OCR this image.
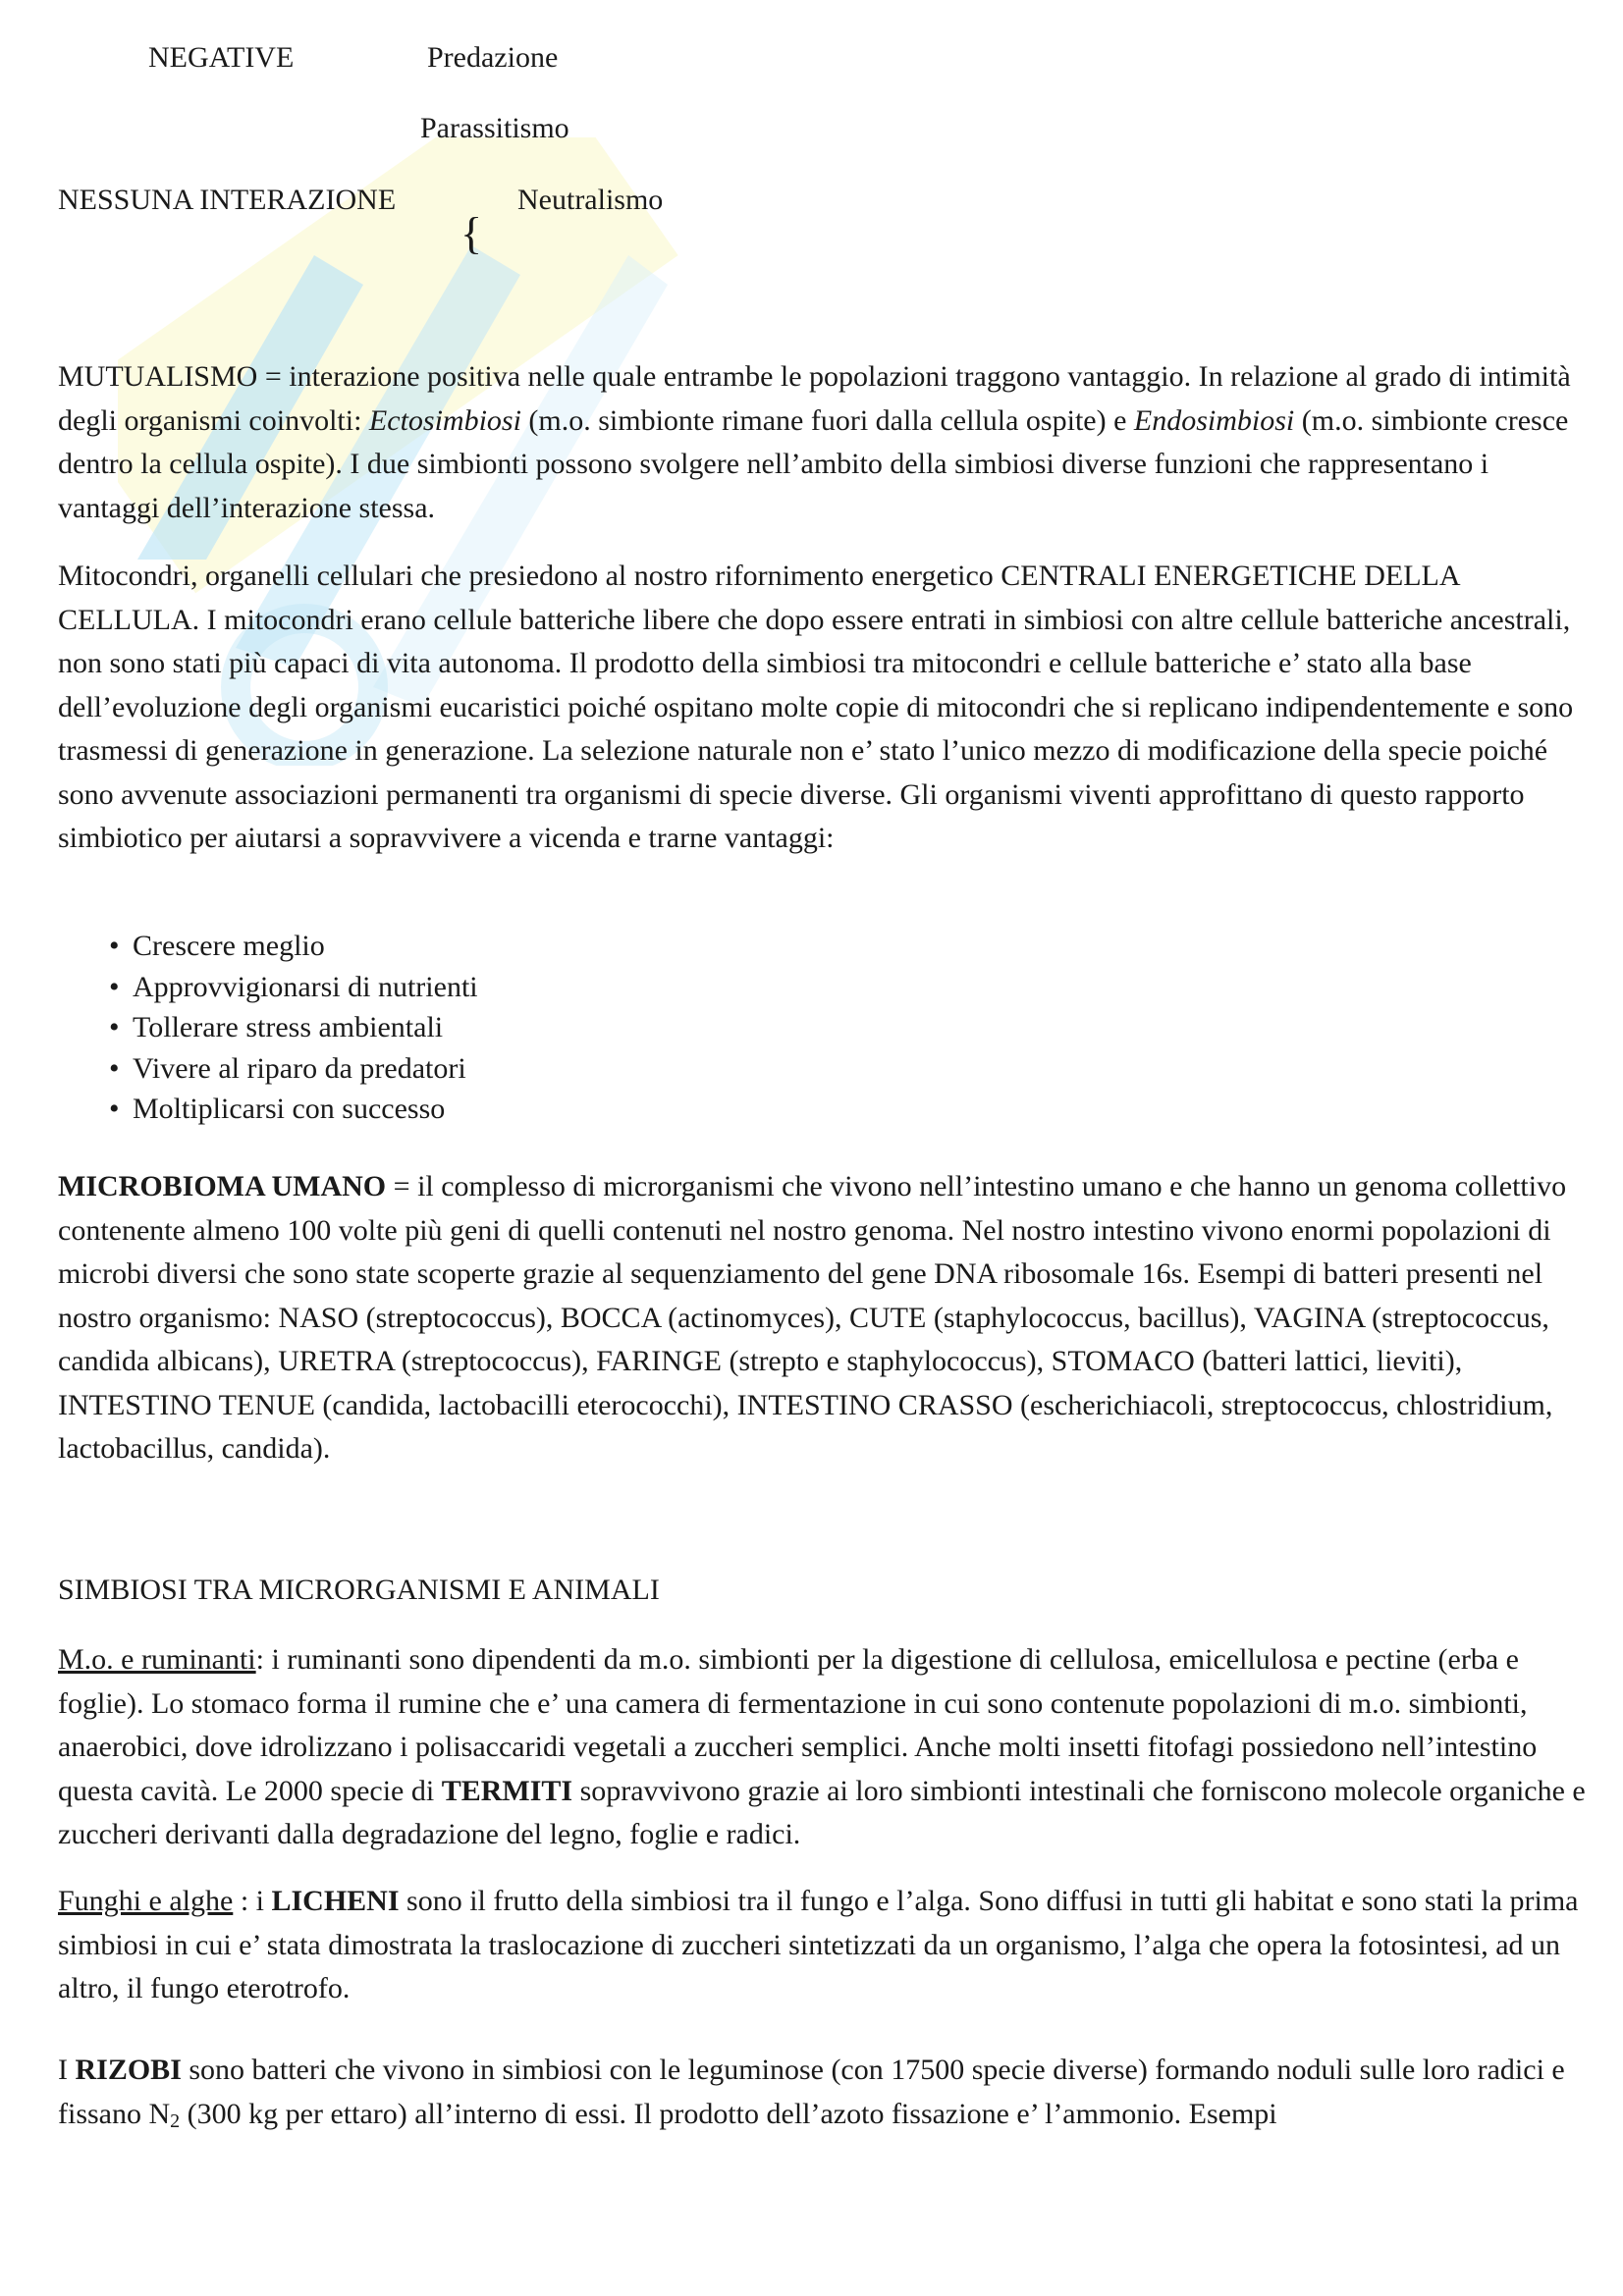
NEGATIVE	Predazione
Parassitismo
NESSUNA INTERAZIONE
{
Neutralismo

MUTUALISMO = interazione positiva nelle quale entrambe le popolazioni traggono vantaggio. In relazione al grado di intimità degli organismi coinvolti: Ectosimbiosi (m.o. simbionte rimane fuori dalla cellula ospite) e Endosimbiosi (m.o. simbionte cresce dentro la cellula ospite). I due simbionti possono svolgere nell’ambito della simbiosi diverse funzioni che rappresentano i vantaggi dell’interazione stessa.

Mitocondri, organelli cellulari che presiedono al nostro rifornimento energetico CENTRALI ENERGETICHE DELLA CELLULA. I mitocondri erano cellule batteriche libere che dopo essere entrati in simbiosi con altre cellule batteriche ancestrali, non sono stati più capaci di vita autonoma. Il prodotto della simbiosi tra mitocondri e cellule batteriche e’ stato alla base dell’evoluzione degli organismi eucaristici poiché ospitano molte copie di mitocondri che si replicano indipendentemente e sono trasmessi di generazione in generazione. La selezione naturale non e’ stato l’unico mezzo di modificazione della specie poiché sono avvenute associazioni permanenti tra organismi di specie diverse. Gli organismi viventi approfittano di questo rapporto simbiotico per aiutarsi a sopravvivere a vicenda e trarne vantaggi:

• Crescere meglio
• Approvvigionarsi di nutrienti
• Tollerare stress ambientali
• Vivere al riparo da predatori
• Moltiplicarsi con successo

MICROBIOMA UMANO = il complesso di microrganismi che vivono nell’intestino umano e che hanno un genoma collettivo contenente almeno 100 volte più geni di quelli contenuti nel nostro genoma. Nel nostro intestino vivono enormi popolazioni di microbi diversi che sono state scoperte grazie al sequenziamento del gene DNA ribosomale 16s. Esempi di batteri presenti nel nostro organismo: NASO (streptococcus), BOCCA (actinomyces), CUTE (staphylococcus, bacillus), VAGINA (streptococcus, candida albicans), URETRA (streptococcus), FARINGE (strepto e staphylococcus), STOMACO (batteri lattici, lieviti), INTESTINO TENUE (candida, lactobacilli eterococchi), INTESTINO CRASSO (escherichiacoli, streptococcus, chlostridium, lactobacillus, candida).

SIMBIOSI TRA MICRORGANISMI E ANIMALI

M.o. e ruminanti: i ruminanti sono dipendenti da m.o. simbionti per la digestione di cellulosa, emicellulosa e pectine (erba e foglie). Lo stomaco forma il rumine che e’ una camera di fermentazione in cui sono contenute popolazioni di m.o. simbionti, anaerobici, dove idrolizzano i polisaccaridi vegetali a zuccheri semplici. Anche molti insetti fitofagi possiedono nell’intestino questa cavità. Le 2000 specie di TERMITI sopravvivono grazie ai loro simbionti intestinali che forniscono molecole organiche e zuccheri derivanti dalla degradazione del legno, foglie e radici.

Funghi e alghe : i LICHENI sono il frutto della simbiosi tra il fungo e l’alga. Sono diffusi in tutti gli habitat e sono stati la prima simbiosi in cui e’ stata dimostrata la traslocazione di zuccheri sintetizzati da un organismo, l’alga che opera la fotosintesi, ad un altro, il fungo eterotrofo.

I RIZOBI sono batteri che vivono in simbiosi con le leguminose (con 17500 specie diverse) formando noduli sulle loro radici e fissano $N_2$ (300 kg per ettaro) all’interno di essi. Il prodotto dell’azoto fissazione e’ l’ammonio. Esempi
